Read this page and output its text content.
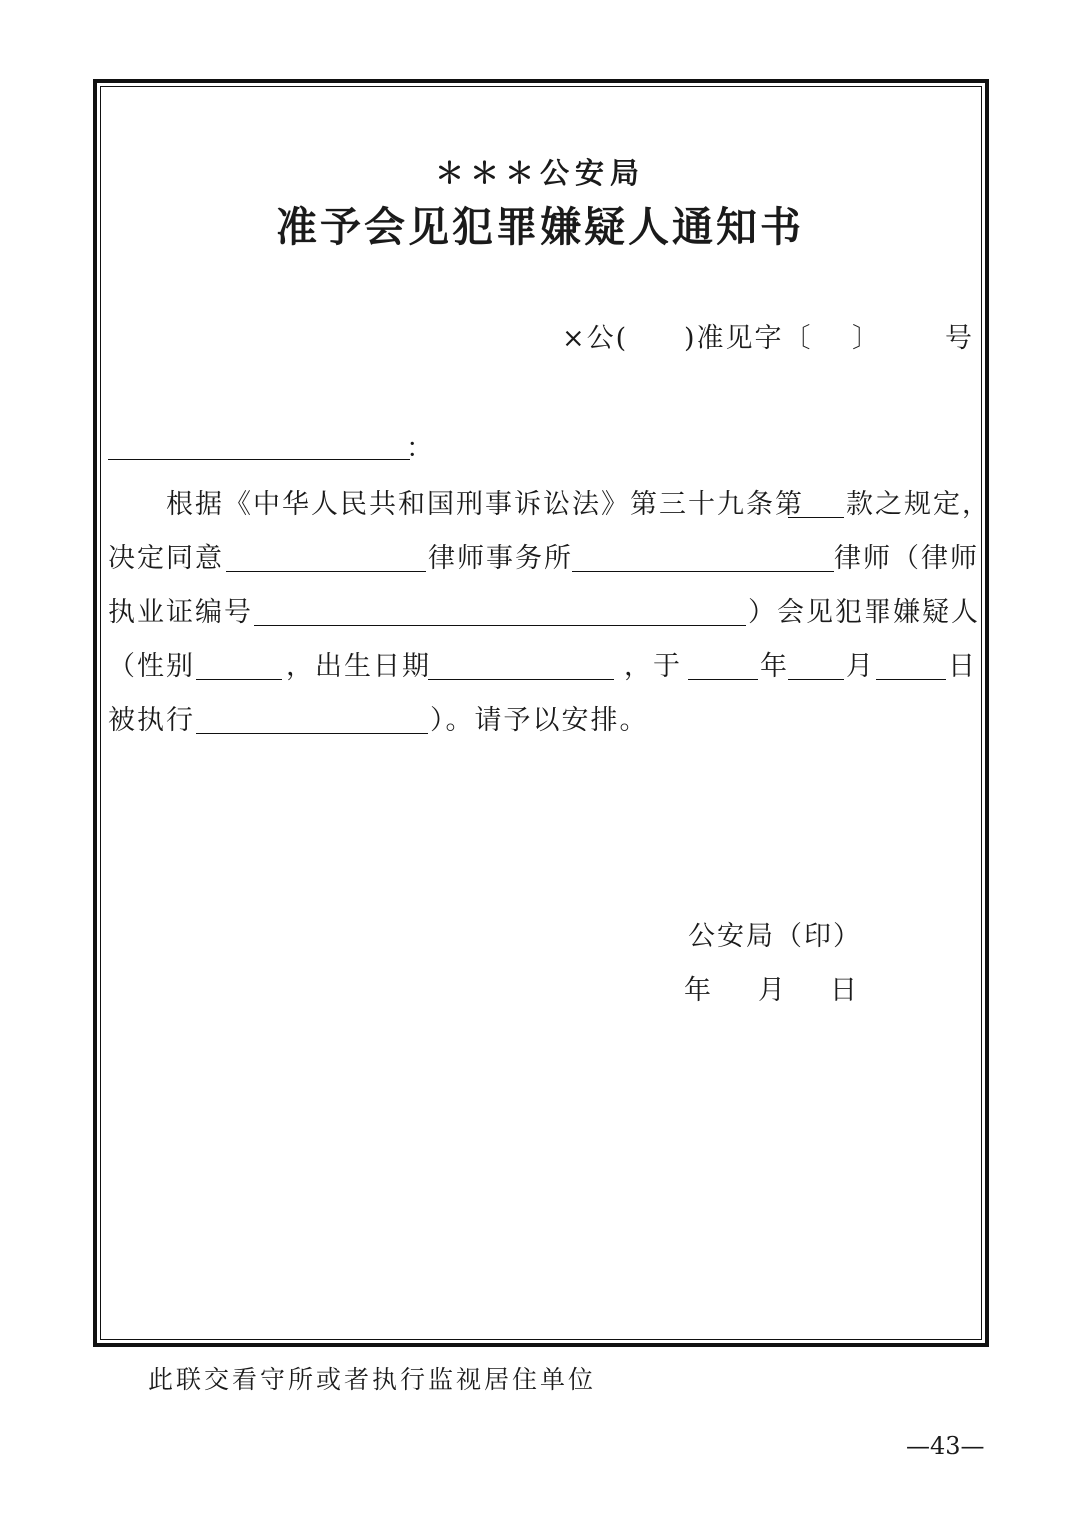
＊＊＊公安局
准予会见犯罪嫌疑人通知书
×公( )准见字〔 〕 号
：
根据《中华人民共和国刑事诉讼法》第三十九条第 款之规定，
决定同意	律师事务所	律师（律师
执业证编号	）会见犯罪嫌疑人
（性别	，出生日期	，于	年 月	日
被执行	）。请予以安排。
公安局（印）
年 月 日
此联交看守所或者执行监视居住单位
—43—
